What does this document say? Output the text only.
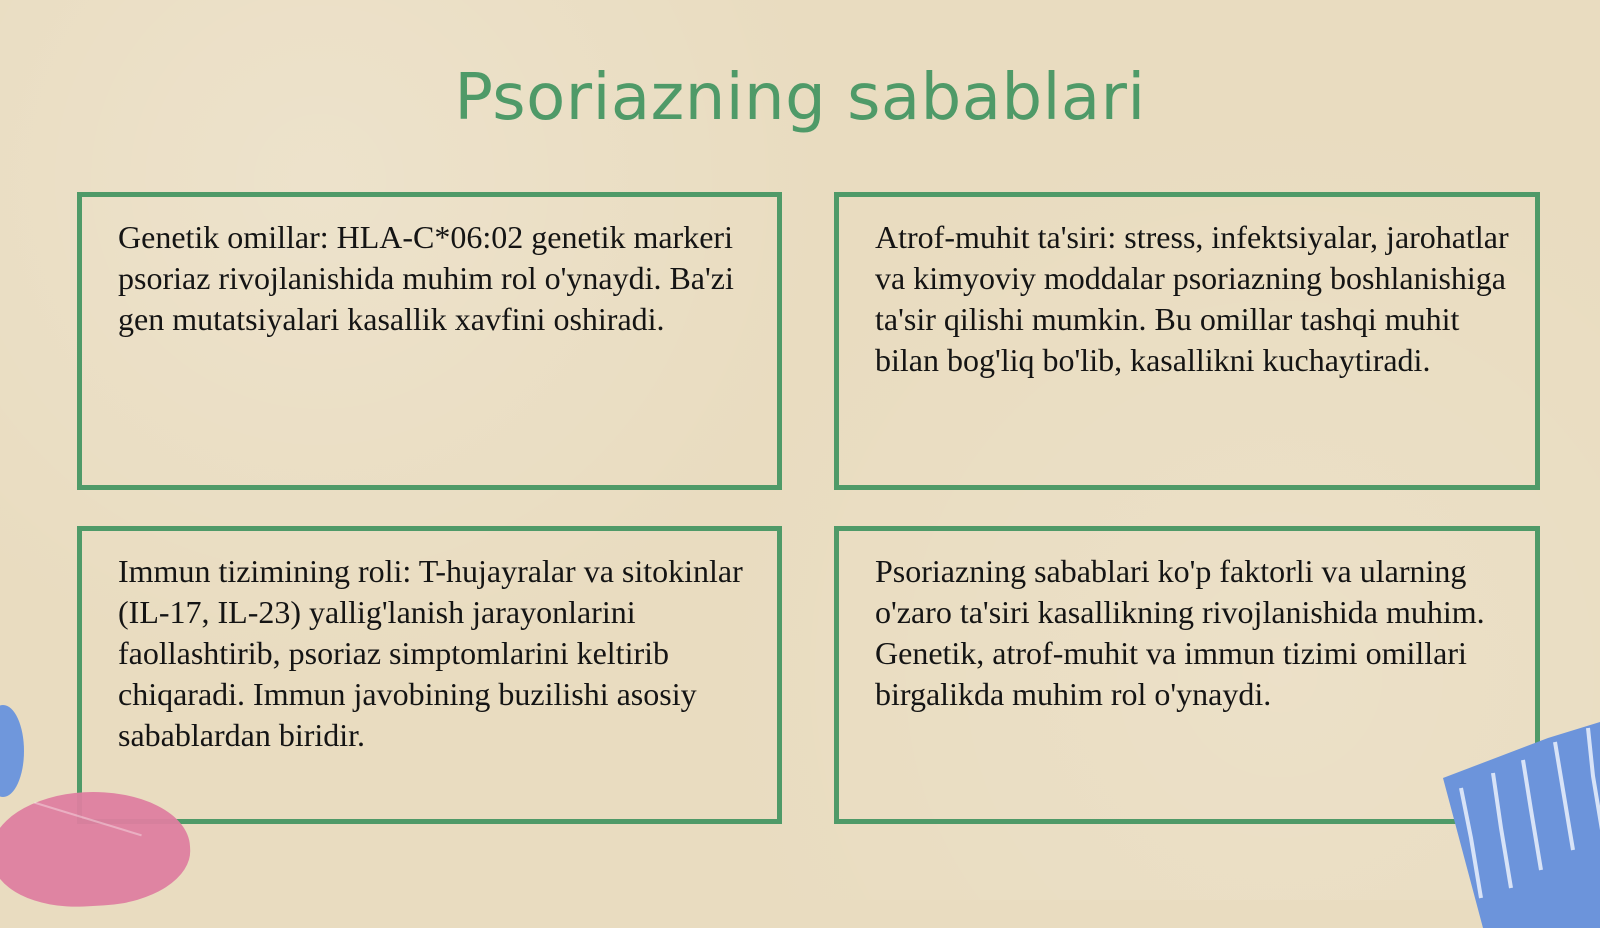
Psoriazning sabablari
Genetik omillar: HLA-C*06:02 genetik markeri psoriaz rivojlanishida muhim rol o'ynaydi. Ba'zi gen mutatsiyalari kasallik xavfini oshiradi.
Atrof-muhit ta'siri: stress, infektsiyalar, jarohatlar va kimyoviy moddalar psoriazning boshlanishiga ta'sir qilishi mumkin. Bu omillar tashqi muhit bilan bog'liq bo'lib, kasallikni kuchaytiradi.
Immun tizimining roli: T-hujayralar va sitokinlar (IL-17, IL-23) yallig'lanish jarayonlarini faollashtirib, psoriaz simptomlarini keltirib chiqaradi. Immun javobining buzilishi asosiy sabablardan biridir.
Psoriazning sabablari ko'p faktorli va ularning o'zaro ta'siri kasallikning rivojlanishida muhim. Genetik, atrof-muhit va immun tizimi omillari birgalikda muhim rol o'ynaydi.
